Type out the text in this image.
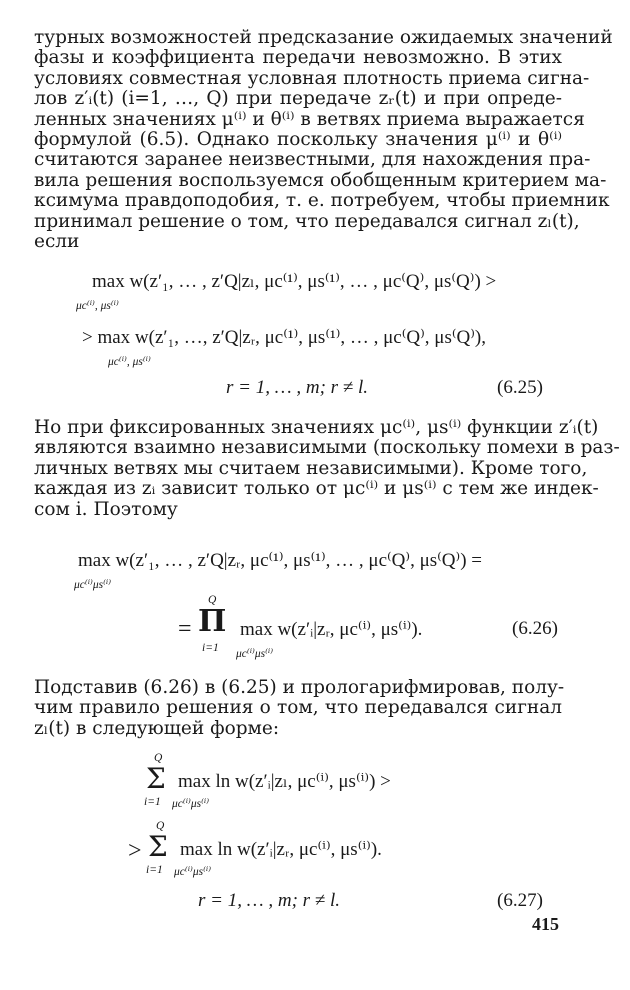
турных возможностей предсказание ожидаемых значений
фазы и коэффициента передачи невозможно. В этих
условиях совместная условная плотность приема сигна-
лов z′ᵢ(t) (i=1, …, Q) при передаче zᵣ(t) и при опреде-
ленных значениях μ⁽ⁱ⁾ и θ⁽ⁱ⁾ в ветвях приема выражается
формулой (6.5). Однако поскольку значения μ⁽ⁱ⁾ и θ⁽ⁱ⁾
считаются заранее неизвестными, для нахождения пра-
вила решения воспользуемся обобщенным критерием ма-
ксимума правдоподобия, т. е. потребуем, чтобы приемник
принимал решение о том, что передавался сигнал zₗ(t),
если
max w(z′₁, … , z′Q|zₗ, μc⁽¹⁾, μs⁽¹⁾, … , μc⁽Q⁾, μs⁽Q⁾) >
μc⁽ⁱ⁾, μs⁽ⁱ⁾
> max w(z′₁, …, z′Q|zᵣ, μc⁽¹⁾, μs⁽¹⁾, … , μc⁽Q⁾, μs⁽Q⁾),
μc⁽ⁱ⁾, μs⁽ⁱ⁾
r = 1, … , m; r ≠ l.	(6.25)
Но при фиксированных значениях μc⁽ⁱ⁾, μs⁽ⁱ⁾ функции z′ᵢ(t)
являются взаимно независимыми (поскольку помехи в раз-
личных ветвях мы считаем независимыми). Кроме того,
каждая из zᵢ зависит только от μc⁽ⁱ⁾ и μs⁽ⁱ⁾ с тем же индек-
сом i. Поэтому
max w(z′₁, … , z′Q|zᵣ, μc⁽¹⁾, μs⁽¹⁾, … , μc⁽Q⁾, μs⁽Q⁾) =
μc⁽ⁱ⁾μs⁽ⁱ⁾
=
Q
Π
i=1
max w(z′ᵢ|zᵣ, μc⁽ⁱ⁾, μs⁽ⁱ⁾).
μc⁽ⁱ⁾μs⁽ⁱ⁾
(6.26)
Подставив (6.26) в (6.25) и прологарифмировав, полу-
чим правило решения о том, что передавался сигнал
zₗ(t) в следующей форме:
Q
Σ
i=1
max ln w(z′ᵢ|zₗ, μc⁽ⁱ⁾, μs⁽ⁱ⁾) >
μc⁽ⁱ⁾μs⁽ⁱ⁾
>
Q
Σ
i=1
max ln w(z′ᵢ|zᵣ, μc⁽ⁱ⁾, μs⁽ⁱ⁾).
μc⁽ⁱ⁾μs⁽ⁱ⁾
r = 1, … , m; r ≠ l.	(6.27)
415
